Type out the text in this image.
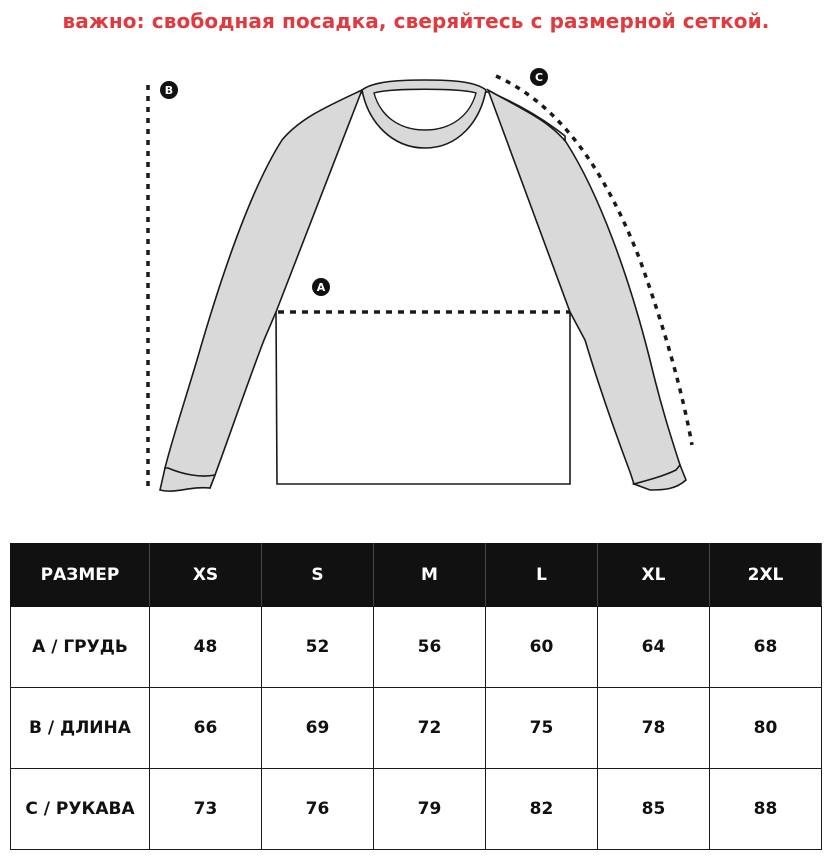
важно: свободная посадка, сверяйтесь с размерной сеткой.
A
B
C
РАЗМЕР	XS	S	M	L	XL	2XL
A / ГРУДЬ	48	52	56	60	64	68
B / ДЛИНА	66	69	72	75	78	80
C / РУКАВА	73	76	79	82	85	88
